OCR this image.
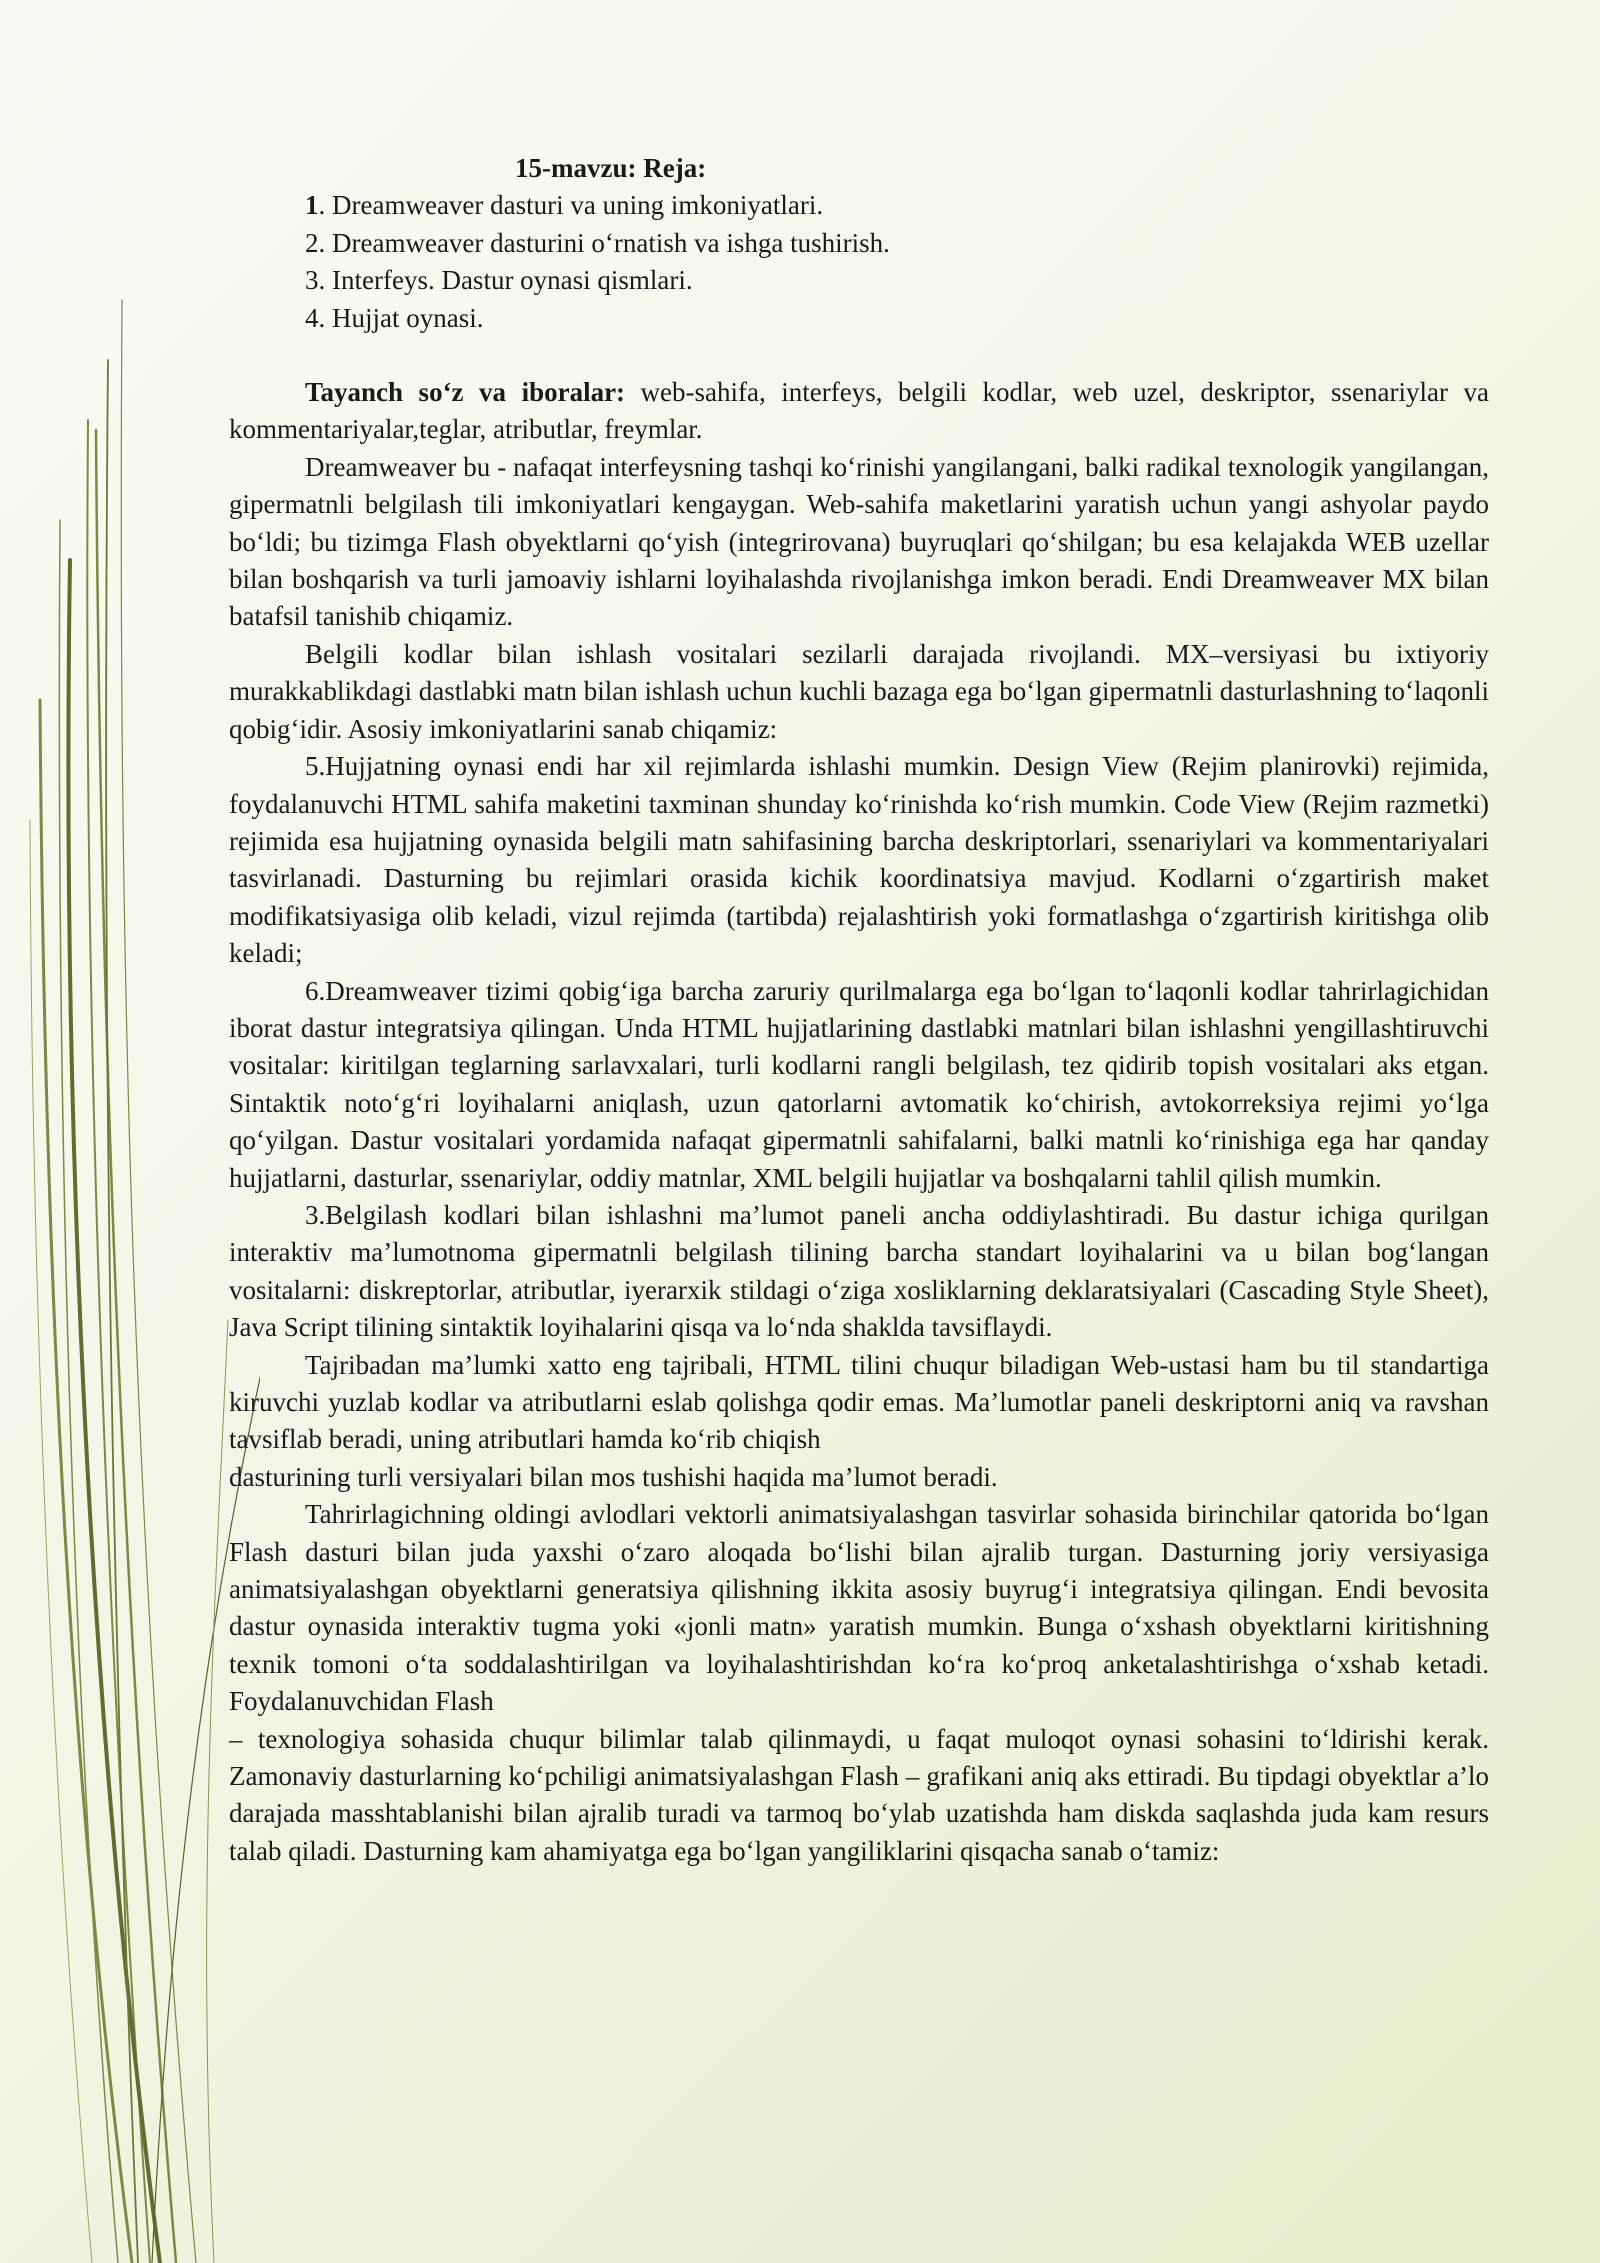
15-mavzu: Reja:
1. Dreamweaver dasturi va uning imkoniyatlari.
2. Dreamweaver dasturini o‘rnatish va ishga tushirish.
3. Interfeys. Dastur oynasi qismlari.
4. Hujjat oynasi.

Tayanch so‘z va iboralar: web-sahifa, interfeys, belgili kodlar, web uzel, deskriptor, ssenariylar va kommentariyalar,teglar, atributlar, freymlar.

Dreamweaver bu - nafaqat interfeysning tashqi ko‘rinishi yangilangani, balki radikal texnologik yangilangan, gipermatnli belgilash tili imkoniyatlari kengaygan. Web-sahifa maketlarini yaratish uchun yangi ashyolar paydo bo‘ldi; bu tizimga Flash obyektlarni qo‘yish (integrirovana) buyruqlari qo‘shilgan; bu esa kelajakda WEB uzellar bilan boshqarish va turli jamoaviy ishlarni loyihalashda rivojlanishga imkon beradi. Endi Dreamweaver MX bilan batafsil tanishib chiqamiz.

Belgili kodlar bilan ishlash vositalari sezilarli darajada rivojlandi. MX–versiyasi bu ixtiyoriy murakkablikdagi dastlabki matn bilan ishlash uchun kuchli bazaga ega bo‘lgan gipermatnli dasturlashning to‘laqonli qobig‘idir. Asosiy imkoniyatlarini sanab chiqamiz:

5.Hujjatning oynasi endi har xil rejimlarda ishlashi mumkin. Design View (Rejim planirovki) rejimida, foydalanuvchi HTML sahifa maketini taxminan shunday ko‘rinishda ko‘rish mumkin. Code View (Rejim razmetki) rejimida esa hujjatning oynasida belgili matn sahifasining barcha deskriptorlari, ssenariylari va kommentariyalari tasvirlanadi. Dasturning bu rejimlari orasida kichik koordinatsiya mavjud. Kodlarni o‘zgartirish maket modifikatsiyasiga olib keladi, vizul rejimda (tartibda) rejalashtirish yoki formatlashga o‘zgartirish kiritishga olib keladi;

6.Dreamweaver tizimi qobig‘iga barcha zaruriy qurilmalarga ega bo‘lgan to‘laqonli kodlar tahrirlagichidan iborat dastur integratsiya qilingan. Unda HTML hujjatlarining dastlabki matnlari bilan ishlashni yengillashtiruvchi vositalar: kiritilgan teglarning sarlavxalari, turli kodlarni rangli belgilash, tez qidirib topish vositalari aks etgan. Sintaktik noto‘g‘ri loyihalarni aniqlash, uzun qatorlarni avtomatik ko‘chirish, avtokorreksiya rejimi yo‘lga qo‘yilgan. Dastur vositalari yordamida nafaqat gipermatnli sahifalarni, balki matnli ko‘rinishiga ega har qanday hujjatlarni, dasturlar, ssenariylar, oddiy matnlar, XML belgili hujjatlar va boshqalarni tahlil qilish mumkin.

3.Belgilash kodlari bilan ishlashni ma’lumot paneli ancha oddiylashtiradi. Bu dastur ichiga qurilgan interaktiv ma’lumotnoma gipermatnli belgilash tilining barcha standart loyihalarini va u bilan bog‘langan vositalarni: diskreptorlar, atributlar, iyerarxik stildagi o‘ziga xosliklarning deklaratsiyalari (Cascading Style Sheet), Java Script tilining sintaktik loyihalarini qisqa va lo‘nda shaklda tavsiflaydi.

Tajribadan ma’lumki xatto eng tajribali, HTML tilini chuqur biladigan Web-ustasi ham bu til standartiga kiruvchi yuzlab kodlar va atributlarni eslab qolishga qodir emas. Ma’lumotlar paneli deskriptorni aniq va ravshan tavsiflab beradi, uning atributlari hamda ko‘rib chiqish

dasturining turli versiyalari bilan mos tushishi haqida ma’lumot beradi.

Tahrirlagichning oldingi avlodlari vektorli animatsiyalashgan tasvirlar sohasida birinchilar qatorida bo‘lgan Flash dasturi bilan juda yaxshi o‘zaro aloqada bo‘lishi bilan ajralib turgan. Dasturning joriy versiyasiga animatsiyalashgan obyektlarni generatsiya qilishning ikkita asosiy buyrug‘i integratsiya qilingan. Endi bevosita dastur oynasida interaktiv tugma yoki «jonli matn» yaratish mumkin. Bunga o‘xshash obyektlarni kiritishning texnik tomoni o‘ta soddalashtirilgan va loyihalashtirishdan ko‘ra ko‘proq anketalashtirishga o‘xshab ketadi. Foydalanuvchidan Flash

– texnologiya sohasida chuqur bilimlar talab qilinmaydi, u faqat muloqot oynasi sohasini to‘ldirishi kerak. Zamonaviy dasturlarning ko‘pchiligi animatsiyalashgan Flash – grafikani aniq aks ettiradi. Bu tipdagi obyektlar a’lo darajada masshtablanishi bilan ajralib turadi va tarmoq bo‘ylab uzatishda ham diskda saqlashda juda kam resurs talab qiladi. Dasturning kam ahamiyatga ega bo‘lgan yangiliklarini qisqacha sanab o‘tamiz:
